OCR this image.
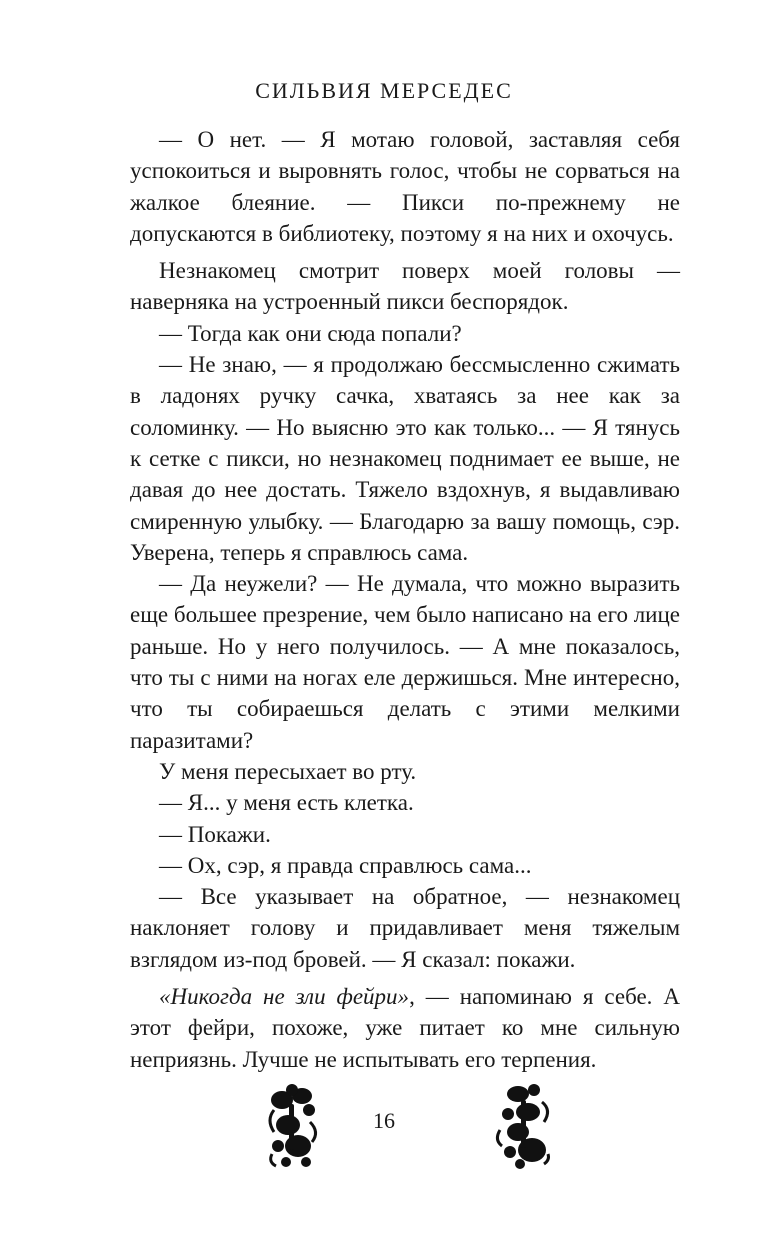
СИЛЬВИЯ МЕРСЕДЕС

— О нет. — Я мотаю головой, заставляя себя успокоиться и выровнять голос, чтобы не сорваться на жалкое блеяние. — Пикси по-прежнему не допускаются в библиотеку, поэтому я на них и охочусь.

Незнакомец смотрит поверх моей головы — наверняка на устроенный пикси беспорядок.

— Тогда как они сюда попали?

— Не знаю, — я продолжаю бессмысленно сжимать в ладонях ручку сачка, хватаясь за нее как за соломинку. — Но выясню это как только... — Я тянусь к сетке с пикси, но незнакомец поднимает ее выше, не давая до нее достать. Тяжело вздохнув, я выдавливаю смиренную улыбку. — Благодарю за вашу помощь, сэр. Уверена, теперь я справлюсь сама.

— Да неужели? — Не думала, что можно выразить еще большее презрение, чем было написано на его лице раньше. Но у него получилось. — А мне показалось, что ты с ними на ногах еле держишься. Мне интересно, что ты собираешься делать с этими мелкими паразитами?

У меня пересыхает во рту.

— Я... у меня есть клетка.

— Покажи.

— Ох, сэр, я правда справлюсь сама...

— Все указывает на обратное, — незнакомец наклоняет голову и придавливает меня тяжелым взглядом из-под бровей. — Я сказал: покажи.

«Никогда не зли фейри», — напоминаю я себе. А этот фейри, похоже, уже питает ко мне сильную неприязнь. Лучше не испытывать его терпения.

16
